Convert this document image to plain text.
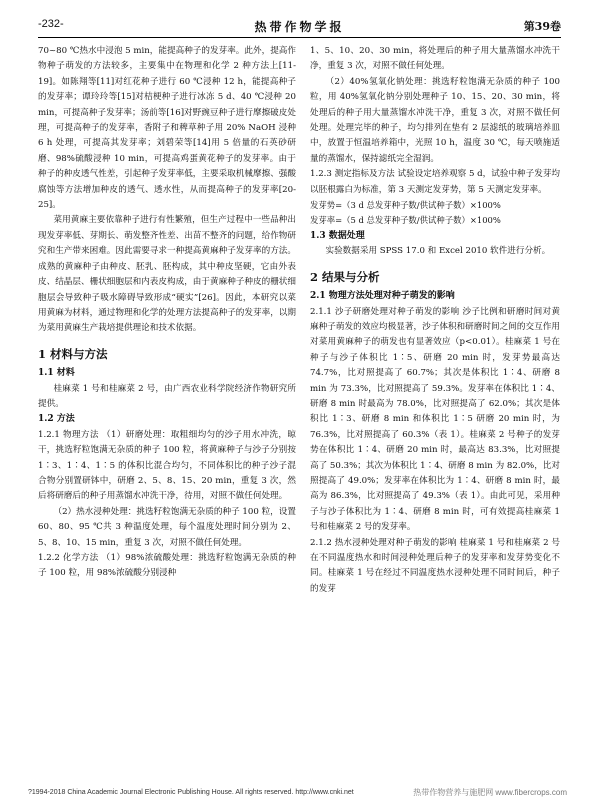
-232-	热带作物学报	第39卷

70~80 ℃热水中浸泡 5 min，能提高种子的发芽率。此外，提高作物种子萌发的方法较多，主要集中在物理和化学 2 种方法上[11-19]。如陈翔等[11]对红花种子进行 60 ℃浸种 12 h，能提高种子的发芽率；谭玲玲等[15]对桔梗种子进行冰冻 5 d、40 ℃浸种 20 min，可提高种子发芽率；汤前等[16]对野豌豆种子进行摩擦破皮处理，可提高种子的发芽率，香附子和稗草种子用 20% NaOH 浸种 6 h 处理，可提高其发芽率；刘碧荣等[14]用 5 倍量的石英砂研磨、98%硫酸浸种 10 min，可提高鸡蛋黄花种子的发芽率。由于种子的种皮透气性差，引起种子发芽率低，主要采取机械摩擦、强酸腐蚀等方法增加种皮的透气、透水性，从而提高种子的发芽率[20-25]。

菜用黄麻主要依靠种子进行有性繁殖，但生产过程中一些品种出现发芽率低、芽期长、萌发整齐性差、出苗不整齐的问题，给作物研究和生产带来困难。因此需要寻求一种提高黄麻种子发芽率的方法。成熟的黄麻种子由种皮、胚乳、胚构成，其中种皮坚硬，它由外表皮、结晶层、栅状细胞层和内表皮构成，由于黄麻种子种皮的栅状细胞层会导致种子吸水障碍导致形成“硬实”[26]。因此，本研究以菜用黄麻为材料，通过物理和化学的处理方法提高种子的发芽率，以期为菜用黄麻生产栽培提供理论和技术依据。

1 材料与方法

1.1 材料

桂麻菜 1 号和桂麻菜 2 号，由广西农业科学院经济作物研究所提供。

1.2 方法

1.2.1 物理方法 （1）研磨处理：取粗细均匀的沙子用水冲洗，晾干，挑选籽粒饱满无杂质的种子 100 粒，将黄麻种子与沙子分别按 1∶3、1∶4、1∶5 的体积比混合均匀，不同体积比的种子沙子混合物分别置研钵中，研磨 2、5、8、15、20 min，重复 3 次，然后将研磨后的种子用蒸馏水冲洗干净，待用，对照不做任何处理。

（2）热水浸种处理：挑选籽粒饱满无杂质的种子 100 粒，设置 60、80、95 ℃共 3 种温度处理，每个温度处理时间分别为 2、5、8、10、15 min，重复 3 次，对照不做任何处理。

1.2.2 化学方法 （1）98%浓硫酸处理：挑选籽粒饱满无杂质的种子 100 粒，用 98%浓硫酸分别浸种

1、5、10、20、30 min，将处理后的种子用大量蒸馏水冲洗干净，重复 3 次，对照不做任何处理。

（2）40%氢氧化钠处理：挑选籽粒饱满无杂质的种子 100 粒，用 40%氢氧化钠分别处理种子 10、15、20、30 min，将处理后的种子用大量蒸馏水冲洗干净，重复 3 次，对照不做任何处理。处理完毕的种子，均匀排列在垫有 2 层滤纸的玻璃培养皿中，放置于恒温培养箱中，光照 10 h，温度 30 ℃，每天喷施适量的蒸馏水，保持滤纸完全湿润。

1.2.3 测定指标及方法 试验设定培养观察 5 d，试验中种子发芽均以胚根露白为标准，第 3 天测定发芽势，第 5 天测定发芽率。

发芽势=（3 d 总发芽种子数/供试种子数）×100%

发芽率=（5 d 总发芽种子数/供试种子数）×100%

1.3 数据处理

实验数据采用 SPSS 17.0 和 Excel 2010 软件进行分析。

2 结果与分析

2.1 物理方法处理对种子萌发的影响

2.1.1 沙子研磨处理对种子萌发的影响 沙子比例和研磨时间对黄麻种子萌发的效应均极显著，沙子体积和研磨时间之间的交互作用对菜用黄麻种子的萌发也有显著效应（p<0.01）。桂麻菜 1 号在种子与沙子体积比 1∶5、研磨 20 min 时，发芽势最高达 74.7%，比对照提高了 60.7%；其次是体积比 1∶4、研磨 8 min 为 73.3%，比对照提高了 59.3%。发芽率在体积比 1∶4、研磨 8 min 时最高为 78.0%，比对照提高了 62.0%；其次是体积比 1∶3、研磨 8 min 和体积比 1∶5 研磨 20 min 时，为 76.3%，比对照提高了 60.3%（表 1）。桂麻菜 2 号种子的发芽势在体积比 1∶4、研磨 20 min 时，最高达 83.3%，比对照提高了 50.3%；其次为体积比 1∶4、研磨 8 min 为 82.0%，比对照提高了 49.0%；发芽率在体积比为 1∶4、研磨 8 min 时，最高为 86.3%，比对照提高了 49.3%（表 1）。由此可见，采用种子与沙子体积比为 1∶4、研磨 8 min 时，可有效提高桂麻菜 1 号和桂麻菜 2 号的发芽率。

2.1.2 热水浸种处理对种子萌发的影响 桂麻菜 1 号和桂麻菜 2 号在不同温度热水和时间浸种处理后种子的发芽率和发芽势变化不同。桂麻菜 1 号在经过不同温度热水浸种处理不同时间后，种子的发芽

?1994-2018 China Academic Journal Electronic Publishing House. All rights reserved. http://www.cnki.net	热带作物营养与施肥网 www.fibercrops.com
